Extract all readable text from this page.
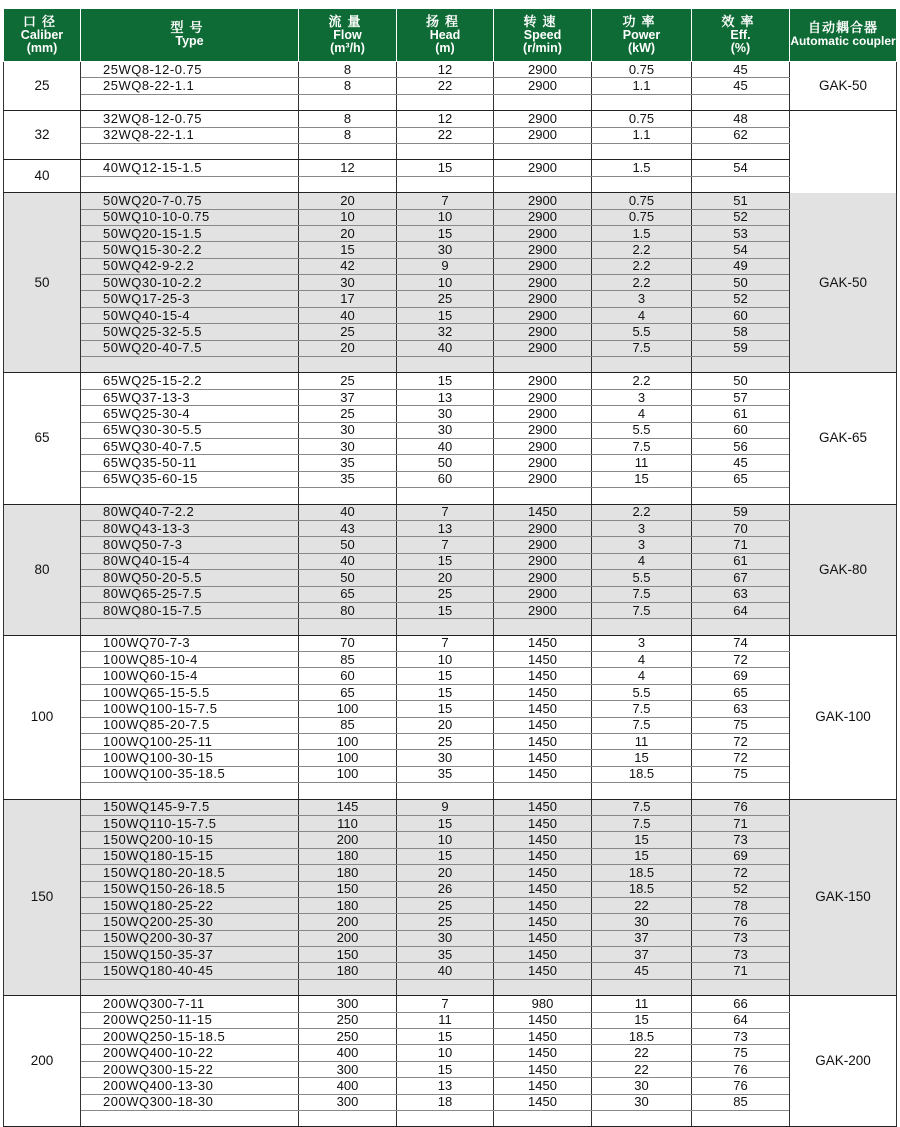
口径
Caliber
(mm)	型号
Type	流量
Flow
(m³/h)	扬程
Head
(m)	转速
Speed
(r/min)	功率
Power
(kW)	效率
Eff.
(%)	自动耦合器
Automatic coupler

25	25WQ8-12-0.75	8	12	2900	0.75	45	GAK-50
	25WQ8-22-1.1	8	22	2900	1.1	45	

32	32WQ8-12-0.75	8	12	2900	0.75	48	
	32WQ8-22-1.1	8	22	2900	1.1	62	

40	40WQ12-15-1.5	12	15	2900	1.5	54	

50	50WQ20-7-0.75	20	7	2900	0.75	51	GAK-50
	50WQ10-10-0.75	10	10	2900	0.75	52	
	50WQ20-15-1.5	20	15	2900	1.5	53	
	50WQ15-30-2.2	15	30	2900	2.2	54	
	50WQ42-9-2.2	42	9	2900	2.2	49	
	50WQ30-10-2.2	30	10	2900	2.2	50	
	50WQ17-25-3	17	25	2900	3	52	
	50WQ40-15-4	40	15	2900	4	60	
	50WQ25-32-5.5	25	32	2900	5.5	58	
	50WQ20-40-7.5	20	40	2900	7.5	59	

65	65WQ25-15-2.2	25	15	2900	2.2	50	GAK-65
	65WQ37-13-3	37	13	2900	3	57	
	65WQ25-30-4	25	30	2900	4	61	
	65WQ30-30-5.5	30	30	2900	5.5	60	
	65WQ30-40-7.5	30	40	2900	7.5	56	
	65WQ35-50-11	35	50	2900	11	45	
	65WQ35-60-15	35	60	2900	15	65	

80	80WQ40-7-2.2	40	7	1450	2.2	59	GAK-80
	80WQ43-13-3	43	13	2900	3	70	
	80WQ50-7-3	50	7	2900	3	71	
	80WQ40-15-4	40	15	2900	4	61	
	80WQ50-20-5.5	50	20	2900	5.5	67	
	80WQ65-25-7.5	65	25	2900	7.5	63	
	80WQ80-15-7.5	80	15	2900	7.5	64	

100	100WQ70-7-3	70	7	1450	3	74	GAK-100
	100WQ85-10-4	85	10	1450	4	72	
	100WQ60-15-4	60	15	1450	4	69	
	100WQ65-15-5.5	65	15	1450	5.5	65	
	100WQ100-15-7.5	100	15	1450	7.5	63	
	100WQ85-20-7.5	85	20	1450	7.5	75	
	100WQ100-25-11	100	25	1450	11	72	
	100WQ100-30-15	100	30	1450	15	72	
	100WQ100-35-18.5	100	35	1450	18.5	75	

150	150WQ145-9-7.5	145	9	1450	7.5	76	GAK-150
	150WQ110-15-7.5	110	15	1450	7.5	71	
	150WQ200-10-15	200	10	1450	15	73	
	150WQ180-15-15	180	15	1450	15	69	
	150WQ180-20-18.5	180	20	1450	18.5	72	
	150WQ150-26-18.5	150	26	1450	18.5	52	
	150WQ180-25-22	180	25	1450	22	78	
	150WQ200-25-30	200	25	1450	30	76	
	150WQ200-30-37	200	30	1450	37	73	
	150WQ150-35-37	150	35	1450	37	73	
	150WQ180-40-45	180	40	1450	45	71	

200	200WQ300-7-11	300	7	980	11	66	GAK-200
	200WQ250-11-15	250	11	1450	15	64	
	200WQ250-15-18.5	250	15	1450	18.5	73	
	200WQ400-10-22	400	10	1450	22	75	
	200WQ300-15-22	300	15	1450	22	76	
	200WQ400-13-30	400	13	1450	30	76	
	200WQ300-18-30	300	18	1450	30	85	
